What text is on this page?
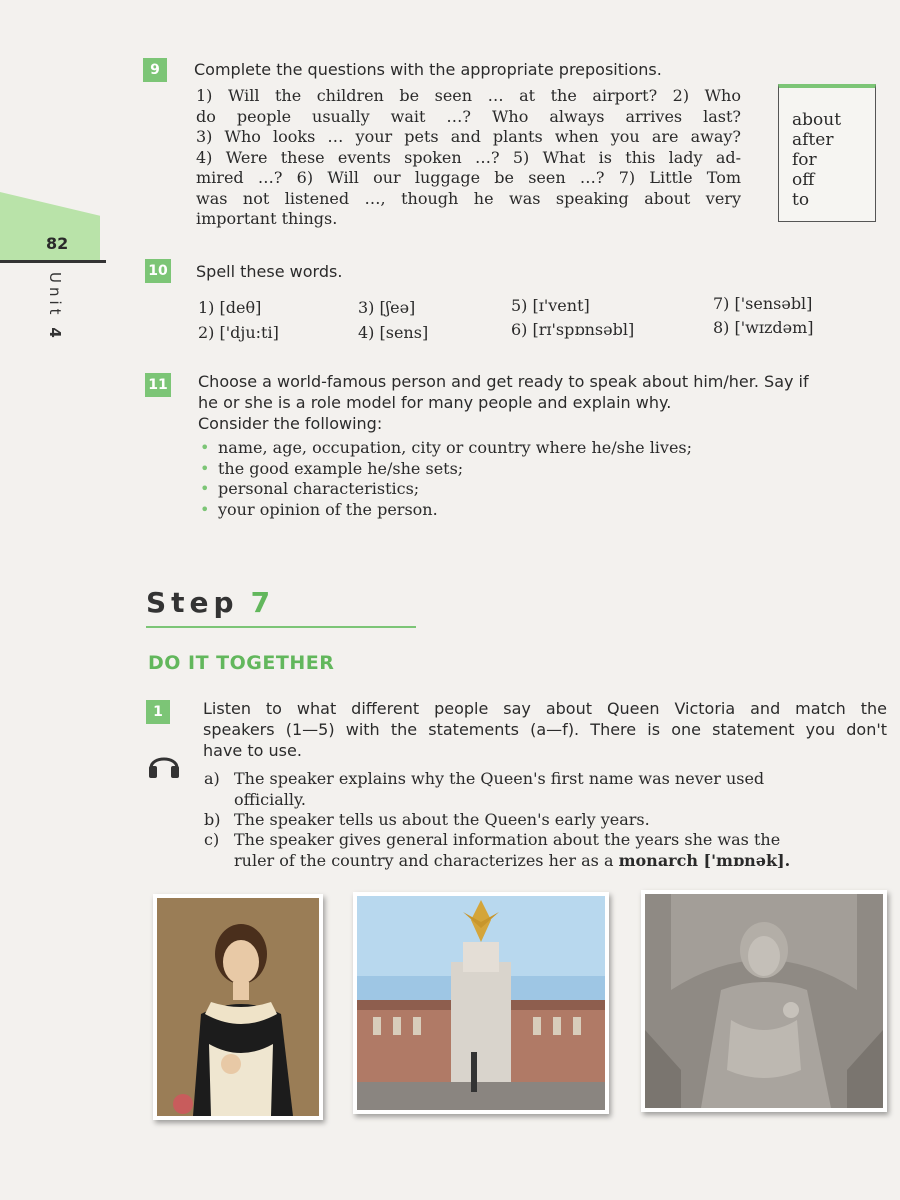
82
Unit 4
9	Complete the questions with the appropriate prepositions.
1) Will the children be seen … at the airport? 2) Who
do people usually wait …? Who always arrives last?
3) Who looks … your pets and plants when you are away?
4) Were these events spoken …? 5) What is this lady ad-
mired …? 6) Will our luggage be seen …? 7) Little Tom
was not listened …, though he was speaking about very
important things.
about
after
for
off
to
10 Spell these words.
1) [deθ]
2) ['dju:ti]
3) [ʃeə]
4) [sens]
5) [ɪ'vent]
6) [rɪ'spɒnsəbl]
7) ['sensəbl]
8) ['wɪzdəm]
11 Choose a world-famous person and get ready to speak about him/her. Say if
he or she is a role model for many people and explain why.
Consider the following:
• name, age, occupation, city or country where he/she lives;
• the good example he/she sets;
• personal characteristics;
• your opinion of the person.
Step 7
DO IT TOGETHER
1	Listen to what different people say about Queen Victoria and match the
speakers (1—5) with the statements (a—f). There is one statement you don't
have to use.
a) The speaker explains why the Queen's first name was never used
officially.
b) The speaker tells us about the Queen's early years.
c) The speaker gives general information about the years she was the
ruler of the country and characterizes her as a monarch ['mɒnək].
